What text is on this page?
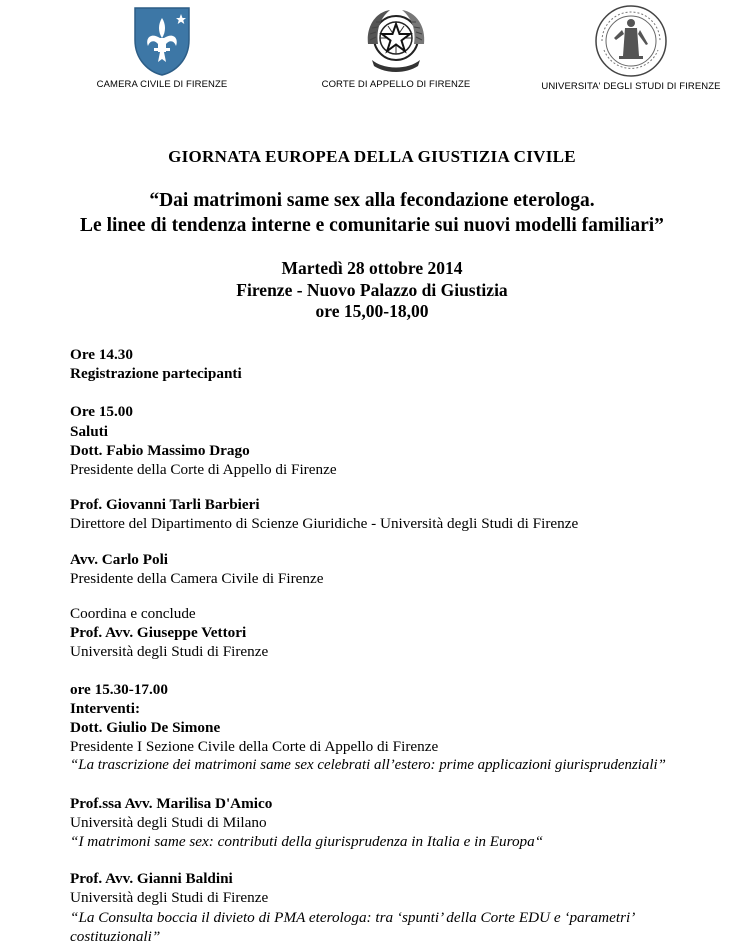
CAMERA CIVILE DI FIRENZE	CORTE DI APPELLO DI FIRENZE	UNIVERSITA' DEGLI STUDI DI FIRENZE
GIORNATA EUROPEA DELLA GIUSTIZIA CIVILE
“Dai matrimoni same sex alla fecondazione eterologa.
Le linee di tendenza interne e comunitarie sui nuovi modelli familiari”
Martedì 28 ottobre 2014
Firenze - Nuovo Palazzo di Giustizia
ore 15,00-18,00
Ore 14.30
Registrazione partecipanti
Ore 15.00
Saluti
Dott. Fabio Massimo Drago
Presidente della Corte di Appello di Firenze
Prof. Giovanni Tarli Barbieri
Direttore del Dipartimento di Scienze Giuridiche - Università degli Studi di Firenze
Avv. Carlo Poli
Presidente della Camera Civile di Firenze
Coordina e conclude
Prof. Avv. Giuseppe Vettori
Università degli Studi di Firenze
ore 15.30-17.00
Interventi:
Dott. Giulio De Simone
Presidente I Sezione Civile della Corte di Appello di Firenze
“La trascrizione dei matrimoni same sex celebrati all’estero: prime applicazioni giurisprudenziali”
Prof.ssa Avv. Marilisa D'Amico
Università degli Studi di Milano
“I matrimoni same sex: contributi della giurisprudenza in Italia e in Europa“
Prof. Avv. Gianni Baldini
Università degli Studi di Firenze
“La Consulta boccia il divieto di PMA eterologa: tra ‘spunti’ della Corte EDU e ‘parametri’ costituzionali”
